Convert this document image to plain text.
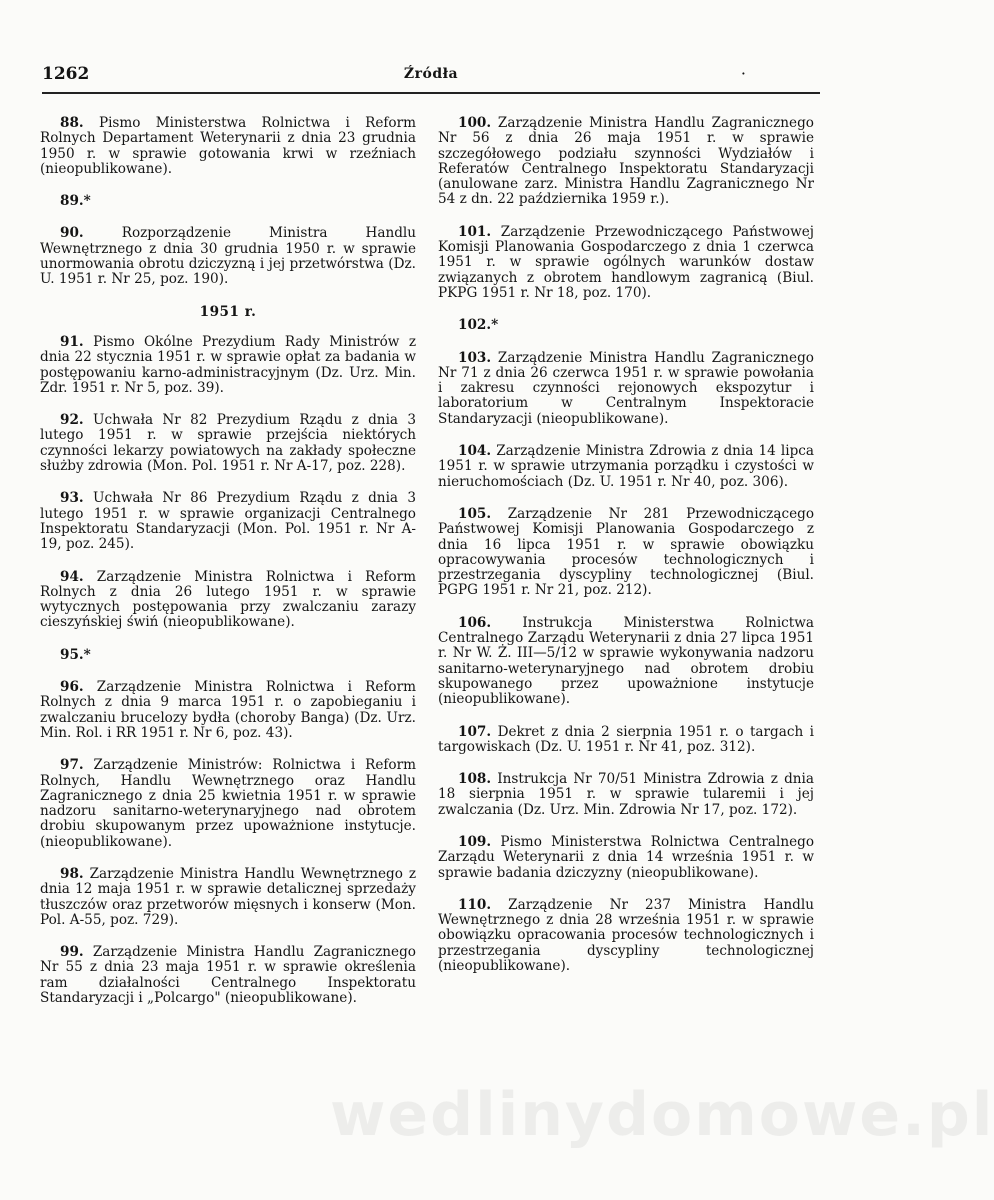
1262	Źródła	·

88. Pismo Ministerstwa Rolnictwa i Reform Rolnych Departament Weterynarii z dnia 23 grudnia 1950 r. w sprawie gotowania krwi w rzeźniach (nieopublikowane).

89.*

90.	Rozporządzenie Ministra Handlu Wewnętrznego z dnia 30 grudnia 1950 r. w sprawie unormowania obrotu dziczyzną i jej przetwórstwa (Dz. U. 1951 r. Nr 25, poz. 190).

1951 r.

91. Pismo Okólne Prezydium Rady Ministrów z dnia 22 stycznia 1951 r. w sprawie opłat za badania w postępowaniu karno-administracyjnym (Dz. Urz. Min. Zdr. 1951 r. Nr 5, poz. 39).

92. Uchwała Nr 82 Prezydium Rządu z dnia 3 lutego 1951 r. w sprawie przejścia niektórych czynności lekarzy powiatowych na zakłady społeczne służby zdrowia (Mon. Pol. 1951 r. Nr A-17, poz. 228).

93. Uchwała Nr 86 Prezydium Rządu z dnia 3 lutego 1951 r. w sprawie organizacji Centralnego Inspektoratu Standaryzacji (Mon. Pol. 1951 r. Nr A-19, poz. 245).

94. Zarządzenie Ministra Rolnictwa i Reform Rolnych z dnia 26 lutego 1951 r. w sprawie wytycznych postępowania przy zwalczaniu zarazy cieszyńskiej świń (nieopublikowane).

95.*

96. Zarządzenie Ministra Rolnictwa i Reform Rolnych z dnia 9 marca 1951 r. o zapobieganiu i zwalczaniu brucelozy bydła (choroby Banga) (Dz. Urz. Min. Rol. i RR 1951 r. Nr 6, poz. 43).

97. Zarządzenie Ministrów: Rolnictwa i Reform Rolnych, Handlu Wewnętrznego oraz Handlu Zagranicznego z dnia 25 kwietnia 1951 r. w sprawie nadzoru sanitarno-weterynaryjnego nad obrotem drobiu skupowanym przez upoważnione instytucje. (nieopublikowane).

98. Zarządzenie Ministra Handlu Wewnętrznego z dnia 12 maja 1951 r. w sprawie detalicznej sprzedaży tłuszczów oraz przetworów mięsnych i konserw (Mon. Pol. A-55, poz. 729).

99. Zarządzenie Ministra Handlu Zagranicznego Nr 55 z dnia 23 maja 1951 r. w sprawie określenia ram działalności Centralnego Inspektoratu Standaryzacji i „Polcargo" (nieopublikowane).

100. Zarządzenie Ministra Handlu Zagranicznego Nr 56 z dnia 26 maja 1951 r. w sprawie szczegółowego podziału szynności Wydziałów i Referatów Centralnego Inspektoratu Standaryzacji (anulowane zarz. Ministra Handlu Zagranicznego Nr 54 z dn. 22 października 1959 r.).

101. Zarządzenie Przewodniczącego Państwowej Komisji Planowania Gospodarczego z dnia 1 czerwca 1951 r. w sprawie ogólnych warunków dostaw związanych z obrotem handlowym zagranicą (Biul. PKPG 1951 r. Nr 18, poz. 170).

102.*

103. Zarządzenie Ministra Handlu Zagranicznego Nr 71 z dnia 26 czerwca 1951 r. w sprawie powołania i zakresu czynności rejonowych ekspozytur i laboratorium w Centralnym Inspektoracie Standaryzacji (nieopublikowane).

104. Zarządzenie Ministra Zdrowia z dnia 14 lipca 1951 r. w sprawie utrzymania porządku i czystości w nieruchomościach (Dz. U. 1951 r. Nr 40, poz. 306).

105. Zarządzenie Nr 281 Przewodniczącego Państwowej Komisji Planowania Gospodarczego z dnia 16 lipca 1951 r. w sprawie obowiązku opracowywania procesów technologicznych i przestrzegania dyscypliny technologicznej (Biul. PGPG 1951 r. Nr 21, poz. 212).

106. Instrukcja Ministerstwa Rolnictwa Centralnego Zarządu Weterynarii z dnia 27 lipca 1951 r. Nr W. Ż. III—5/12 w sprawie wykonywania nadzoru sanitarno-weterynaryjnego nad obrotem drobiu skupowanego przez upoważnione instytucje (nieopublikowane).

107. Dekret z dnia 2 sierpnia 1951 r. o targach i targowiskach (Dz. U. 1951 r. Nr 41, poz. 312).

108. Instrukcja Nr 70/51 Ministra Zdrowia z dnia 18 sierpnia 1951 r. w sprawie tularemii i jej zwalczania (Dz. Urz. Min. Zdrowia Nr 17, poz. 172).

109. Pismo Ministerstwa Rolnictwa Centralnego Zarządu Weterynarii z dnia 14 września 1951 r. w sprawie badania dziczyzny (nieopublikowane).

110. Zarządzenie Nr 237 Ministra Handlu Wewnętrznego z dnia 28 września 1951 r. w sprawie obowiązku opracowania procesów technologicznych i przestrzegania dyscypliny technologicznej (nieopublikowane).

wedlinydomowe.pl
